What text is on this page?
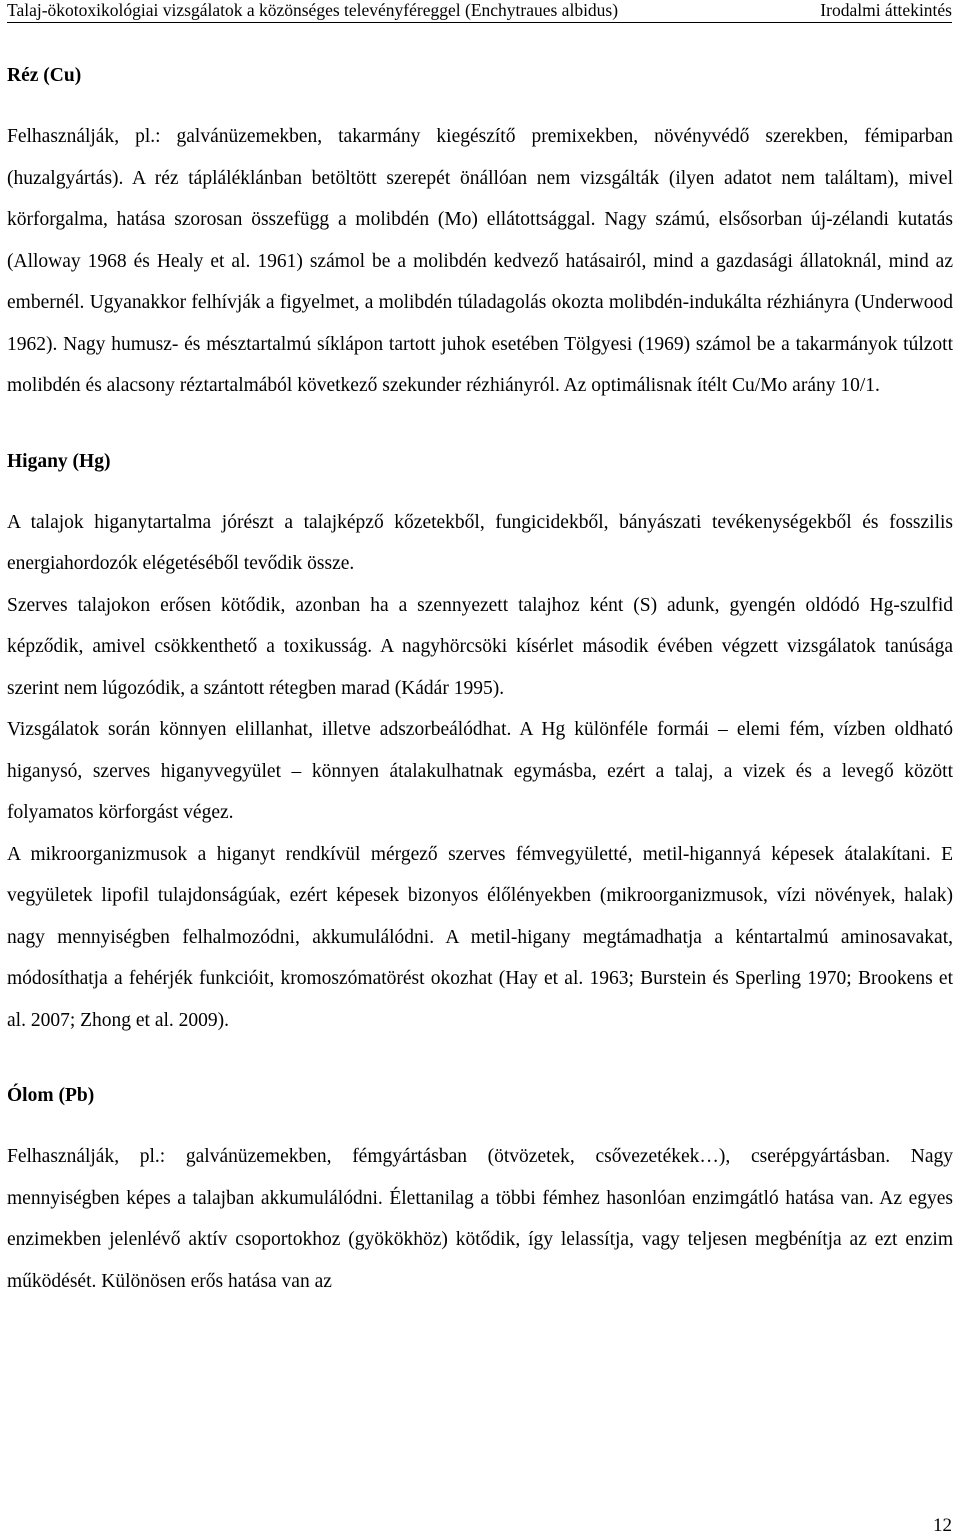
Talaj-ökotoxikológiai vizsgálatok a közönséges televényféreggel (Enchytraues albidus)	Irodalmi áttekintés
Réz (Cu)

Felhasználják, pl.: galvánüzemekben, takarmány kiegészítő premixekben, növényvédő szerekben, fémiparban (huzalgyártás). A réz tápláléklánban betöltött szerepét önállóan nem vizsgálták (ilyen adatot nem találtam), mivel körforgalma, hatása szorosan összefügg a molibdén (Mo) ellátottsággal. Nagy számú, elsősorban új-zélandi kutatás (Alloway 1968 és Healy et al. 1961) számol be a molibdén kedvező hatásairól, mind a gazdasági állatoknál, mind az embernél. Ugyanakkor felhívják a figyelmet, a molibdén túladagolás okozta molibdén-indukálta rézhiányra (Underwood 1962). Nagy humusz- és mésztartalmú síklápon tartott juhok esetében Tölgyesi (1969) számol be a takarmányok túlzott molibdén és alacsony réztartalmából következő szekunder rézhiányról. Az optimálisnak ítélt Cu/Mo arány 10/1.

Higany (Hg)

A talajok higanytartalma jórészt a talajképző kőzetekből, fungicidekből, bányászati tevékenységekből és fosszilis energiahordozók elégetéséből tevődik össze.

Szerves talajokon erősen kötődik, azonban ha a szennyezett talajhoz ként (S) adunk, gyengén oldódó Hg-szulfid képződik, amivel csökkenthető a toxikusság. A nagyhörcsöki kísérlet második évében végzett vizsgálatok tanúsága szerint nem lúgozódik, a szántott rétegben marad (Kádár 1995).

Vizsgálatok során könnyen elillanhat, illetve adszorbeálódhat. A Hg különféle formái – elemi fém, vízben oldható higanysó, szerves higanyvegyület – könnyen átalakulhatnak egymásba, ezért a talaj, a vizek és a levegő között folyamatos körforgást végez.

A mikroorganizmusok a higanyt rendkívül mérgező szerves fémvegyületté, metil-higannyá képesek átalakítani. E vegyületek lipofil tulajdonságúak, ezért képesek bizonyos élőlényekben (mikroorganizmusok, vízi növények, halak) nagy mennyiségben felhalmozódni, akkumulálódni. A metil-higany megtámadhatja a kéntartalmú aminosavakat, módosíthatja a fehérjék funkcióit, kromoszómatörést okozhat (Hay et al. 1963; Burstein és Sperling 1970; Brookens et al. 2007; Zhong et al. 2009).

Ólom (Pb)

Felhasználják, pl.: galvánüzemekben, fémgyártásban (ötvözetek, csővezetékek…), cserépgyártásban. Nagy mennyiségben képes a talajban akkumulálódni. Élettanilag a többi fémhez hasonlóan enzimgátló hatása van. Az egyes enzimekben jelenlévő aktív csoportokhoz (gyökökhöz) kötődik, így lelassítja, vagy teljesen megbénítja az ezt enzim működését. Különösen erős hatása van az

12
